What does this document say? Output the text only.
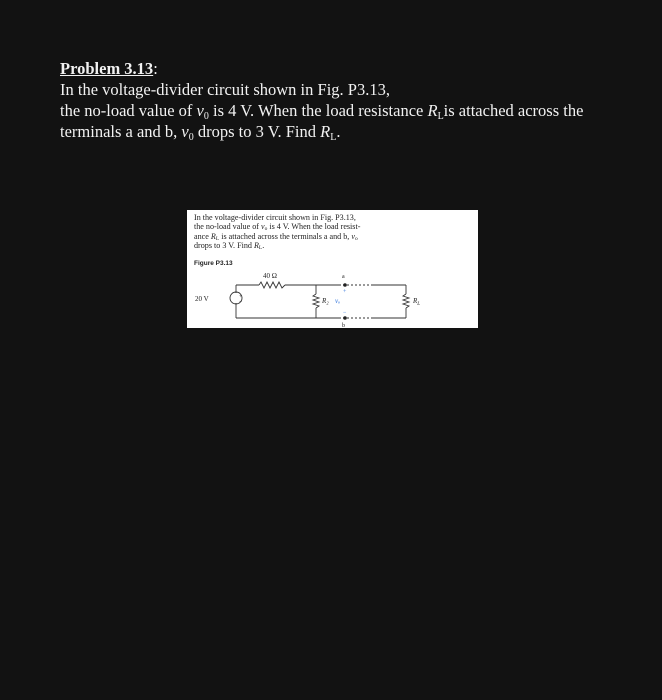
Problem 3.13:
In the voltage-divider circuit shown in Fig. P3.13,
the no-load value of $v_0$ is 4 V. When the load resistance $R_Lis$ attached across the
terminals a and b, $v_0$ drops to 3 V. Find $R_L$.
In the voltage-divider circuit shown in Fig. P3.13,
the no-load value of $v_o$ is 4 V. When the load resist-
ance $R_L$ is attached across the terminals a and b, $v_o$
drops to 3 V. Find $R_L$.
Figure P3.13
+
−
40 Ω
20 V
a
b
+
−
R₂ vₒ	$R_L$
